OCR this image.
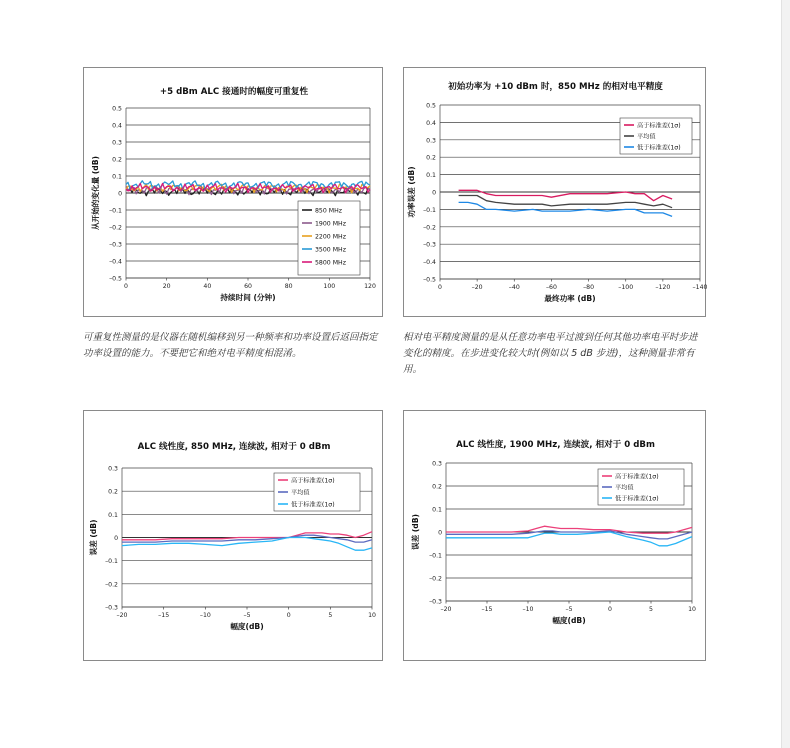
+5 dBm ALC 接通时的幅度可重复性
0.5
0.4
0.3
0.2
0.1
0
–0.1
–0.2
–0.3
–0.4
–0.5
0	20	40	60	80	100	120
持续时间 (分钟)
从开始的变化量 (dB)	850 MHz
1900 MHz
2200 MHz
3500 MHz
5800 MHz
初始功率为 +10 dBm 时，850 MHz 的相对电平精度
0.5
0.4
0.3
0.2
0.1
0
–0.1
–0.2
–0.3
–0.4
–0.5
0	–20	–40	–60	–80	–100	–120	–140
最终功率 (dB)
功率误差 (dB)
高于标准差(1σ)
平均值
低于标准差(1σ)
ALC 线性度, 850 MHz, 连续波, 相对于 0 dBm
0.3
0.2
0.1
0
–0.1
–0.2
–0.3
–20	–15	–10	–5	0	5	10
幅度(dB)
误差 (dB)
高于标准差(1σ)
平均值
低于标准差(1σ)
ALC 线性度, 1900 MHz, 连续波, 相对于 0 dBm
0.3
0.2
0.1
0
–0.1
–0.2
–0.3
–20	–15	–10	–5	0	5	10
幅度(dB)
误差 (dB)
高于标准差(1σ)
平均值
低于标准差(1σ)
可重复性测量的是仪器在随机编移到另一种频率和功率设置后返回指定功率设置的能力。不要把它和绝对电平精度相混淆。
相对电平精度测量的是从任意功率电平过渡到任何其他功率电平时步进变化的精度。在步进变化较大时(例如以 5 dB 步进)，这种测量非常有用。
